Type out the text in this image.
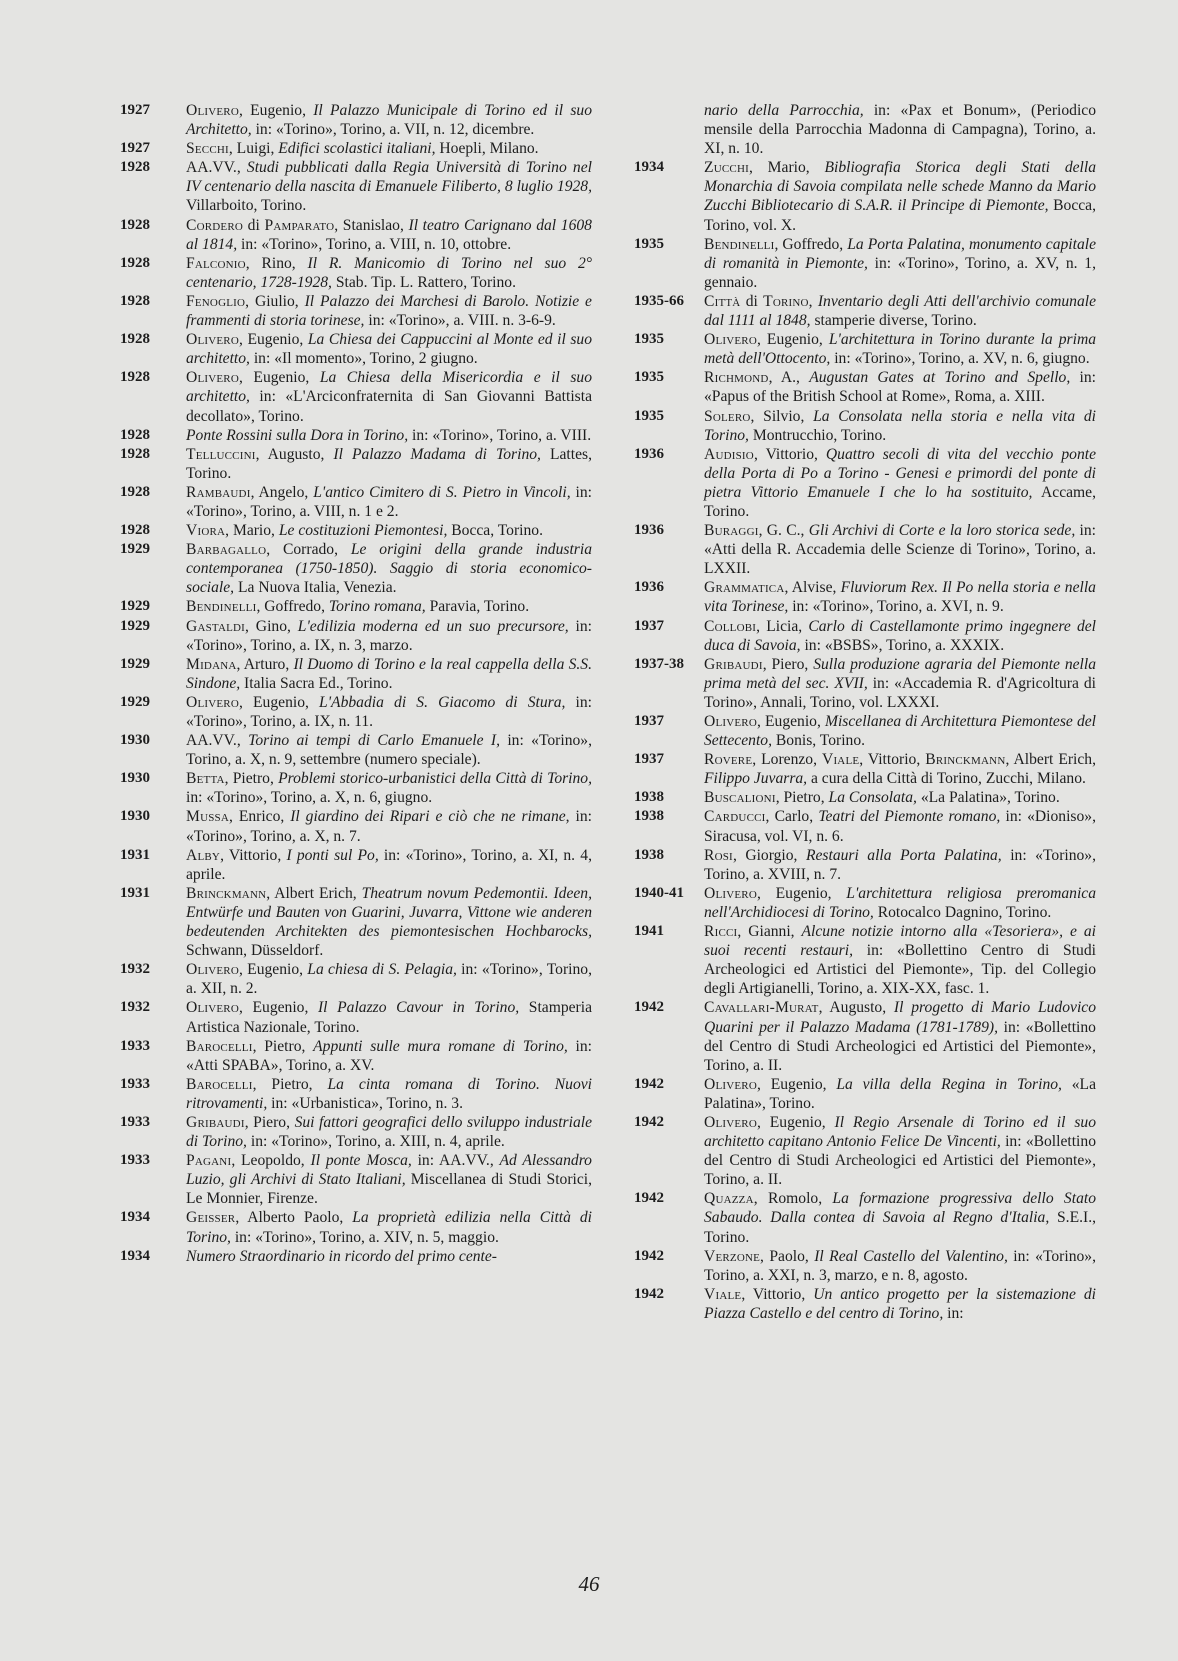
1927	Olivero, Eugenio, Il Palazzo Municipale di Torino ed il suo Architetto, in: «Torino», Torino, a. VII, n. 12, dicembre.
1927	Secchi, Luigi, Edifici scolastici italiani, Hoepli, Milano.
1928	AA.VV., Studi pubblicati dalla Regia Università di Torino nel IV centenario della nascita di Emanuele Filiberto, 8 luglio 1928, Villarboito, Torino.
1928	Cordero di Pamparato, Stanislao, Il teatro Carignano dal 1608 al 1814, in: «Torino», Torino, a. VIII, n. 10, ottobre.
1928	Falconio, Rino, Il R. Manicomio di Torino nel suo 2° centenario, 1728-1928, Stab. Tip. L. Rattero, Torino.
1928	Fenoglio, Giulio, Il Palazzo dei Marchesi di Barolo. Notizie e frammenti di storia torinese, in: «Torino», a. VIII. n. 3-6-9.
1928	Olivero, Eugenio, La Chiesa dei Cappuccini al Monte ed il suo architetto, in: «Il momento», Torino, 2 giugno.
1928	Olivero, Eugenio, La Chiesa della Misericordia e il suo architetto, in: «L'Arciconfraternita di San Giovanni Battista decollato», Torino.
1928	Ponte Rossini sulla Dora in Torino, in: «Torino», Torino, a. VIII.
1928	Telluccini, Augusto, Il Palazzo Madama di Torino, Lattes, Torino.
1928	Rambaudi, Angelo, L'antico Cimitero di S. Pietro in Vincoli, in: «Torino», Torino, a. VIII, n. 1 e 2.
1928	Viora, Mario, Le costituzioni Piemontesi, Bocca, Torino.
1929	Barbagallo, Corrado, Le origini della grande industria contemporanea (1750-1850). Saggio di storia economico-sociale, La Nuova Italia, Venezia.
1929	Bendinelli, Goffredo, Torino romana, Paravia, Torino.
1929	Gastaldi, Gino, L'edilizia moderna ed un suo precursore, in: «Torino», Torino, a. IX, n. 3, marzo.
1929	Midana, Arturo, Il Duomo di Torino e la real cappella della S.S. Sindone, Italia Sacra Ed., Torino.
1929	Olivero, Eugenio, L'Abbadia di S. Giacomo di Stura, in: «Torino», Torino, a. IX, n. 11.
1930	AA.VV., Torino ai tempi di Carlo Emanuele I, in: «Torino», Torino, a. X, n. 9, settembre (numero speciale).
1930	Betta, Pietro, Problemi storico-urbanistici della Città di Torino, in: «Torino», Torino, a. X, n. 6, giugno.
1930	Mussa, Enrico, Il giardino dei Ripari e ciò che ne rimane, in: «Torino», Torino, a. X, n. 7.
1931	Alby, Vittorio, I ponti sul Po, in: «Torino», Torino, a. XI, n. 4, aprile.
1931	Brinckmann, Albert Erich, Theatrum novum Pedemontii. Ideen, Entwürfe und Bauten von Guarini, Juvarra, Vittone wie anderen bedeutenden Architekten des piemontesischen Hochbarocks, Schwann, Düsseldorf.
1932	Olivero, Eugenio, La chiesa di S. Pelagia, in: «Torino», Torino, a. XII, n. 2.
1932	Olivero, Eugenio, Il Palazzo Cavour in Torino, Stamperia Artistica Nazionale, Torino.
1933	Barocelli, Pietro, Appunti sulle mura romane di Torino, in: «Atti SPABA», Torino, a. XV.
1933	Barocelli, Pietro, La cinta romana di Torino. Nuovi ritrovamenti, in: «Urbanistica», Torino, n. 3.
1933	Gribaudi, Piero, Sui fattori geografici dello sviluppo industriale di Torino, in: «Torino», Torino, a. XIII, n. 4, aprile.
1933	Pagani, Leopoldo, Il ponte Mosca, in: AA.VV., Ad Alessandro Luzio, gli Archivi di Stato Italiani, Miscellanea di Studi Storici, Le Monnier, Firenze.
1934	Geisser, Alberto Paolo, La proprietà edilizia nella Città di Torino, in: «Torino», Torino, a. XIV, n. 5, maggio.
1934	Numero Straordinario in ricordo del primo cente-
nario della Parrocchia, in: «Pax et Bonum», (Periodico mensile della Parrocchia Madonna di Campagna), Torino, a. XI, n. 10.
1934	Zucchi, Mario, Bibliografia Storica degli Stati della Monarchia di Savoia compilata nelle schede Manno da Mario Zucchi Bibliotecario di S.A.R. il Principe di Piemonte, Bocca, Torino, vol. X.
1935	Bendinelli, Goffredo, La Porta Palatina, monumento capitale di romanità in Piemonte, in: «Torino», Torino, a. XV, n. 1, gennaio.
1935-66	Città di Torino, Inventario degli Atti dell'archivio comunale dal 1111 al 1848, stamperie diverse, Torino.
1935	Olivero, Eugenio, L'architettura in Torino durante la prima metà dell'Ottocento, in: «Torino», Torino, a. XV, n. 6, giugno.
1935	Richmond, A., Augustan Gates at Torino and Spello, in: «Papus of the British School at Rome», Roma, a. XIII.
1935	Solero, Silvio, La Consolata nella storia e nella vita di Torino, Montrucchio, Torino.
1936	Audisio, Vittorio, Quattro secoli di vita del vecchio ponte della Porta di Po a Torino - Genesi e primordi del ponte di pietra Vittorio Emanuele I che lo ha sostituito, Accame, Torino.
1936	Buraggi, G. C., Gli Archivi di Corte e la loro storica sede, in: «Atti della R. Accademia delle Scienze di Torino», Torino, a. LXXII.
1936	Grammatica, Alvise, Fluviorum Rex. Il Po nella storia e nella vita Torinese, in: «Torino», Torino, a. XVI, n. 9.
1937	Collobi, Licia, Carlo di Castellamonte primo ingegnere del duca di Savoia, in: «BSBS», Torino, a. XXXIX.
1937-38	Gribaudi, Piero, Sulla produzione agraria del Piemonte nella prima metà del sec. XVII, in: «Accademia R. d'Agricoltura di Torino», Annali, Torino, vol. LXXXI.
1937	Olivero, Eugenio, Miscellanea di Architettura Piemontese del Settecento, Bonis, Torino.
1937	Rovere, Lorenzo, Viale, Vittorio, Brinckmann, Albert Erich, Filippo Juvarra, a cura della Città di Torino, Zucchi, Milano.
1938	Buscalioni, Pietro, La Consolata, «La Palatina», Torino.
1938	Carducci, Carlo, Teatri del Piemonte romano, in: «Dioniso», Siracusa, vol. VI, n. 6.
1938	Rosi, Giorgio, Restauri alla Porta Palatina, in: «Torino», Torino, a. XVIII, n. 7.
1940-41	Olivero, Eugenio, L'architettura religiosa preromanica nell'Archidiocesi di Torino, Rotocalco Dagnino, Torino.
1941	Ricci, Gianni, Alcune notizie intorno alla «Tesoriera», e ai suoi recenti restauri, in: «Bollettino Centro di Studi Archeologici ed Artistici del Piemonte», Tip. del Collegio degli Artigianelli, Torino, a. XIX-XX, fasc. 1.
1942	Cavallari-Murat, Augusto, Il progetto di Mario Ludovico Quarini per il Palazzo Madama (1781-1789), in: «Bollettino del Centro di Studi Archeologici ed Artistici del Piemonte», Torino, a. II.
1942	Olivero, Eugenio, La villa della Regina in Torino, «La Palatina», Torino.
1942	Olivero, Eugenio, Il Regio Arsenale di Torino ed il suo architetto capitano Antonio Felice De Vincenti, in: «Bollettino del Centro di Studi Archeologici ed Artistici del Piemonte», Torino, a. II.
1942	Quazza, Romolo, La formazione progressiva dello Stato Sabaudo. Dalla contea di Savoia al Regno d'Italia, S.E.I., Torino.
1942	Verzone, Paolo, Il Real Castello del Valentino, in: «Torino», Torino, a. XXI, n. 3, marzo, e n. 8, agosto.
1942	Viale, Vittorio, Un antico progetto per la sistemazione di Piazza Castello e del centro di Torino, in:
46
